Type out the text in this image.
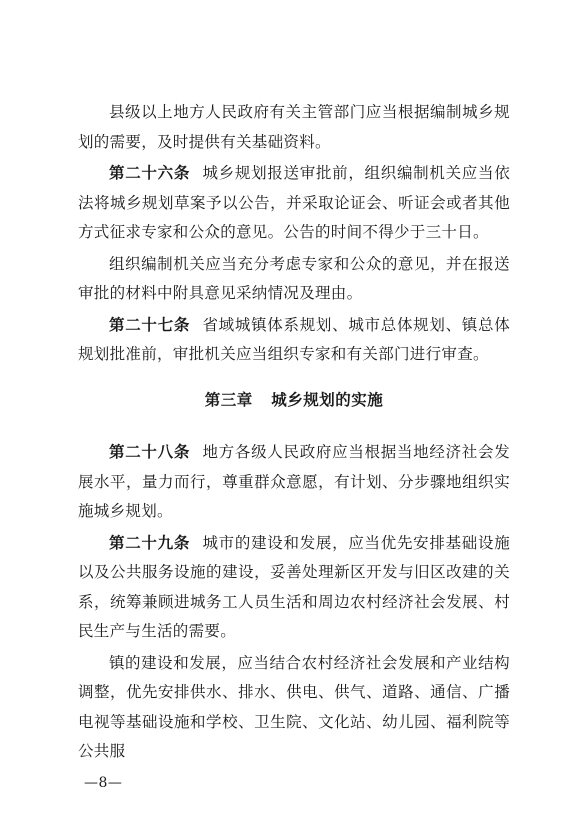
县级以上地方人民政府有关主管部门应当根据编制城乡规划的需要，及时提供有关基础资料。

第二十六条 城乡规划报送审批前，组织编制机关应当依法将城乡规划草案予以公告，并采取论证会、听证会或者其他方式征求专家和公众的意见。公告的时间不得少于三十日。

组织编制机关应当充分考虑专家和公众的意见，并在报送审批的材料中附具意见采纳情况及理由。

第二十七条 省域城镇体系规划、城市总体规划、镇总体规划批准前，审批机关应当组织专家和有关部门进行审查。

第三章 城乡规划的实施

第二十八条 地方各级人民政府应当根据当地经济社会发展水平，量力而行，尊重群众意愿，有计划、分步骤地组织实施城乡规划。

第二十九条 城市的建设和发展，应当优先安排基础设施以及公共服务设施的建设，妥善处理新区开发与旧区改建的关系，统筹兼顾进城务工人员生活和周边农村经济社会发展、村民生产与生活的需要。

镇的建设和发展，应当结合农村经济社会发展和产业结构调整，优先安排供水、排水、供电、供气、道路、通信、广播电视等基础设施和学校、卫生院、文化站、幼儿园、福利院等公共服

—8—
